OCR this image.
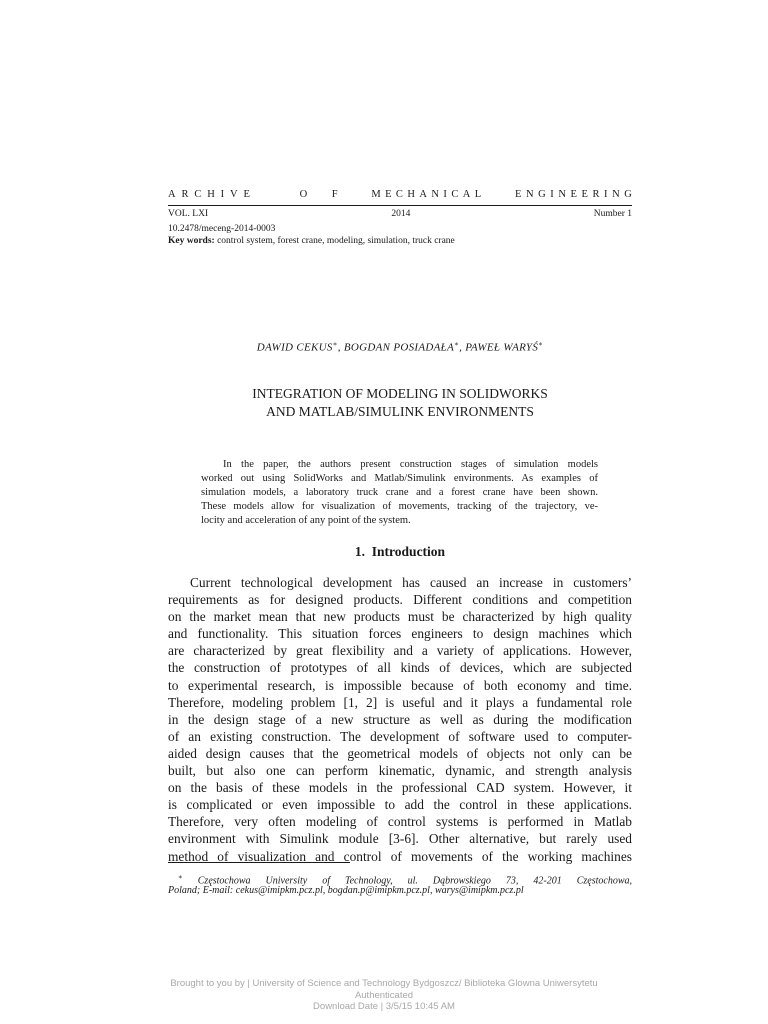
A R C H I V E	O F	M E C H A N I C A L	E N G I N E E R I N G
VOL. LXI	2014	Number 1
10.2478/meceng-2014-0003
Key words: control system, forest crane, modeling, simulation, truck crane
DAWID CEKUS∗, BOGDAN POSIADAŁA∗, PAWEŁ WARYŚ∗
INTEGRATION OF MODELING IN SOLIDWORKS
AND MATLAB/SIMULINK ENVIRONMENTS
In the paper, the authors present construction stages of simulation models
worked out using SolidWorks and Matlab/Simulink environments. As examples of
simulation models, a laboratory truck crane and a forest crane have been shown.
These models allow for visualization of movements, tracking of the trajectory, ve-
locity and acceleration of any point of the system.
1. Introduction
Current technological development has caused an increase in customers’
requirements as for designed products. Different conditions and competition
on the market mean that new products must be characterized by high quality
and functionality. This situation forces engineers to design machines which
are characterized by great flexibility and a variety of applications. However,
the construction of prototypes of all kinds of devices, which are subjected
to experimental research, is impossible because of both economy and time.
Therefore, modeling problem [1, 2] is useful and it plays a fundamental role
in the design stage of a new structure as well as during the modification
of an existing construction. The development of software used to computer-
aided design causes that the geometrical models of objects not only can be
built, but also one can perform kinematic, dynamic, and strength analysis
on the basis of these models in the professional CAD system. However, it
is complicated or even impossible to add the control in these applications.
Therefore, very often modeling of control systems is performed in Matlab
environment with Simulink module [3-6]. Other alternative, but rarely used
method of visualization and control of movements of the working machines
∗ Częstochowa University of Technology, ul. Dąbrowskiego 73, 42-201 Częstochowa,
Poland; E-mail: cekus@imipkm.pcz.pl, bogdan.p@imipkm.pcz.pl, warys@imipkm.pcz.pl
Brought to you by | University of Science and Technology Bydgoszcz/ Biblioteka Glowna Uniwersytetu
Authenticated
Download Date | 3/5/15 10:45 AM
